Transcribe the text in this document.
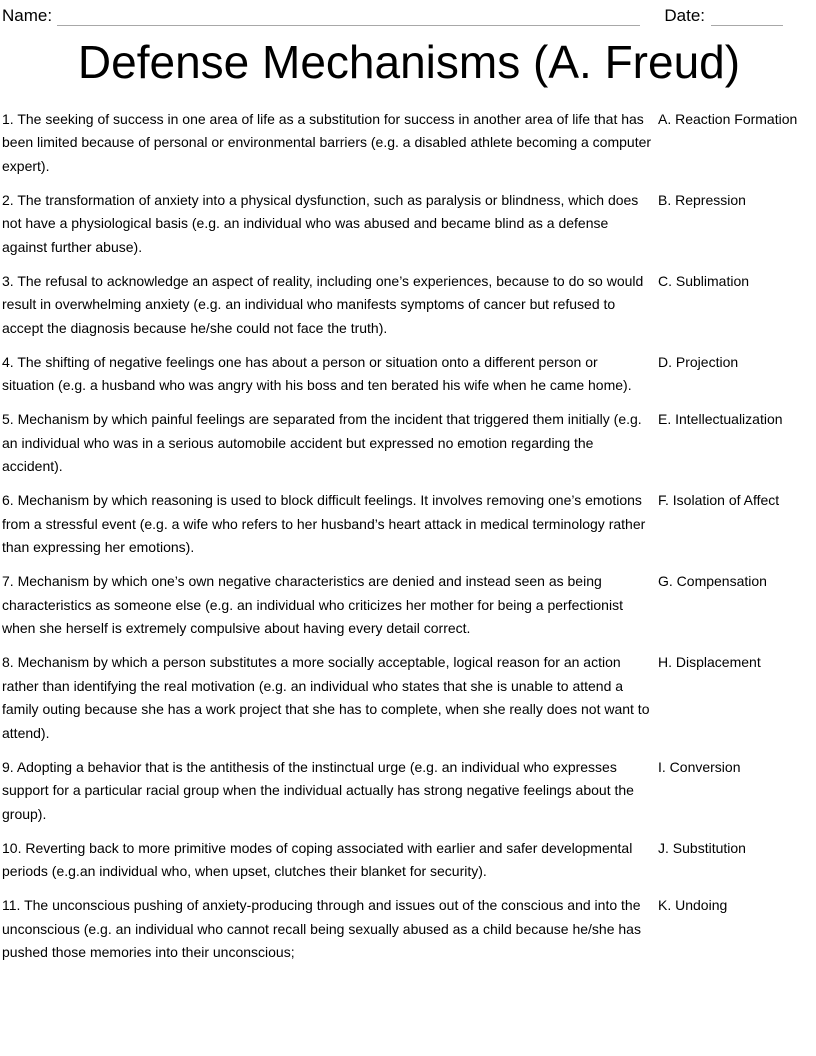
Name:	Date:
Defense Mechanisms (A. Freud)
1. The seeking of success in one area of life as a substitution for success in another area of life that has been limited because of personal or environmental barriers (e.g. a disabled athlete becoming a computer expert).
A. Reaction Formation
2. The transformation of anxiety into a physical dysfunction, such as paralysis or blindness, which does not have a physiological basis (e.g. an individual who was abused and became blind as a defense against further abuse).
B. Repression
3. The refusal to acknowledge an aspect of reality, including one’s experiences, because to do so would result in overwhelming anxiety (e.g. an individual who manifests symptoms of cancer but refused to accept the diagnosis because he/she could not face the truth).
C. Sublimation
4. The shifting of negative feelings one has about a person or situation onto a different person or situation (e.g. a husband who was angry with his boss and ten berated his wife when he came home).
D. Projection
5. Mechanism by which painful feelings are separated from the incident that triggered them initially (e.g. an individual who was in a serious automobile accident but expressed no emotion regarding the accident).
E. Intellectualization
6. Mechanism by which reasoning is used to block difficult feelings. It involves removing one’s emotions from a stressful event (e.g. a wife who refers to her husband’s heart attack in medical terminology rather than expressing her emotions).
F. Isolation of Affect
7. Mechanism by which one’s own negative characteristics are denied and instead seen as being characteristics as someone else (e.g. an individual who criticizes her mother for being a perfectionist when she herself is extremely compulsive about having every detail correct.
G. Compensation
8. Mechanism by which a person substitutes a more socially acceptable, logical reason for an action rather than identifying the real motivation (e.g. an individual who states that she is unable to attend a family outing because she has a work project that she has to complete, when she really does not want to attend).
H. Displacement
9. Adopting a behavior that is the antithesis of the instinctual urge (e.g. an individual who expresses support for a particular racial group when the individual actually has strong negative feelings about the group).
I. Conversion
10. Reverting back to more primitive modes of coping associated with earlier and safer developmental periods (e.g.an individual who, when upset, clutches their blanket for security).
J. Substitution
11. The unconscious pushing of anxiety-producing through and issues out of the conscious and into the unconscious (e.g. an individual who cannot recall being sexually abused as a child because he/she has pushed those memories into their unconscious;
K. Undoing
